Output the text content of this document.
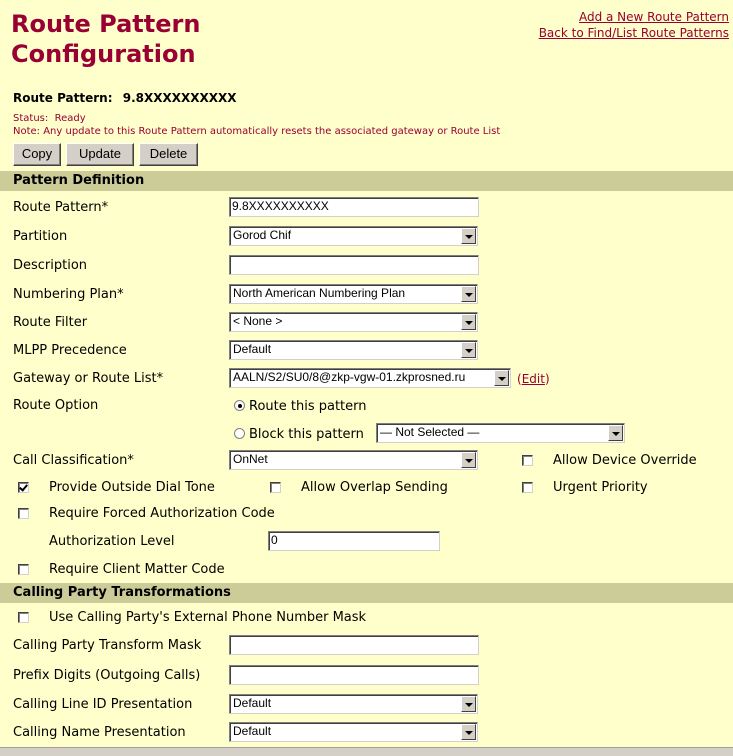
Route Pattern
Configuration
Add a New Route Pattern
Back to Find/List Route Patterns
Route Pattern: 9.8XXXXXXXXXX
Status:  Ready
Note: Any update to this Route Pattern automatically resets the associated gateway or Route List
Copy	Update	Delete
Pattern Definition
Route Pattern*	9.8XXXXXXXXXX
Partition	Gorod Chif
Description
Numbering Plan*	North American Numbering Plan
Route Filter	< None >
MLPP Precedence	Default
Gateway or Route List*	AALN/S2/SU0/8@zkp-vgw-01.zkprosned.ru	(Edit)
Route Option	Route this pattern
Block this pattern	— Not Selected —
Call Classification*	OnNet	Allow Device Override
Provide Outside Dial Tone	Allow Overlap Sending	Urgent Priority
Require Forced Authorization Code
Authorization Level	0
Require Client Matter Code
Calling Party Transformations
Use Calling Party's External Phone Number Mask
Calling Party Transform Mask
Prefix Digits (Outgoing Calls)
Calling Line ID Presentation	Default
Calling Name Presentation	Default
